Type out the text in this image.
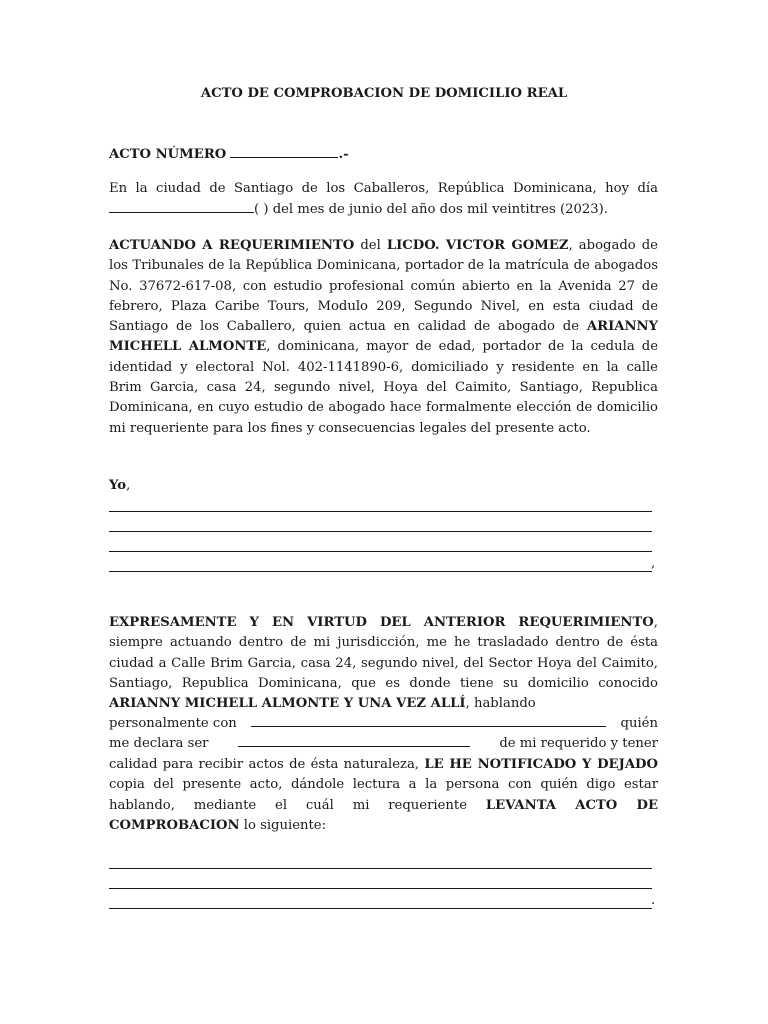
ACTO DE COMPROBACION DE DOMICILIO REAL

ACTO NÚMERO	.-

En la ciudad de Santiago de los Caballeros, República Dominicana, hoy día

( ) del mes de junio del año dos mil veintitres (2023).

ACTUANDO A REQUERIMIENTO del LICDO. VICTOR GOMEZ, abogado de los Tribunales de la República Dominicana, portador de la matrícula de abogados No. 37672-617-08, con estudio profesional común abierto en la Avenida 27 de febrero, Plaza Caribe Tours, Modulo 209, Segundo Nivel, en esta ciudad de Santiago de los Caballero, quien actua en calidad de abogado de ARIANNY MICHELL ALMONTE, dominicana, mayor de edad, portador de la cedula de identidad y electoral Nol. 402-1141890-6, domiciliado y residente en la calle Brim Garcia, casa 24, segundo nivel, Hoya del Caimito, Santiago, Republica Dominicana, en cuyo estudio de abogado hace formalmente elección de domicilio mi requeriente para los fines y consecuencias legales del presente acto.

Yo,

,

EXPRESAMENTE Y EN VIRTUD DEL ANTERIOR REQUERIMIENTO, siempre actuando dentro de mi jurisdicción, me he trasladado dentro de ésta ciudad a Calle Brim Garcia, casa 24, segundo nivel, del Sector Hoya del Caimito, Santiago, Republica Dominicana, que es donde tiene su domicilio conocido ARIANNY MICHELL ALMONTE Y UNA VEZ ALLÍ, hablando

personalmente con	quién

me declara ser	de mi requerido y tener

calidad para recibir actos de ésta naturaleza, LE HE NOTIFICADO Y DEJADO copia del presente acto, dándole lectura a la persona con quién digo estar hablando, mediante el cuál mi requeriente LEVANTA ACTO DE COMPROBACION lo siguiente:

.
